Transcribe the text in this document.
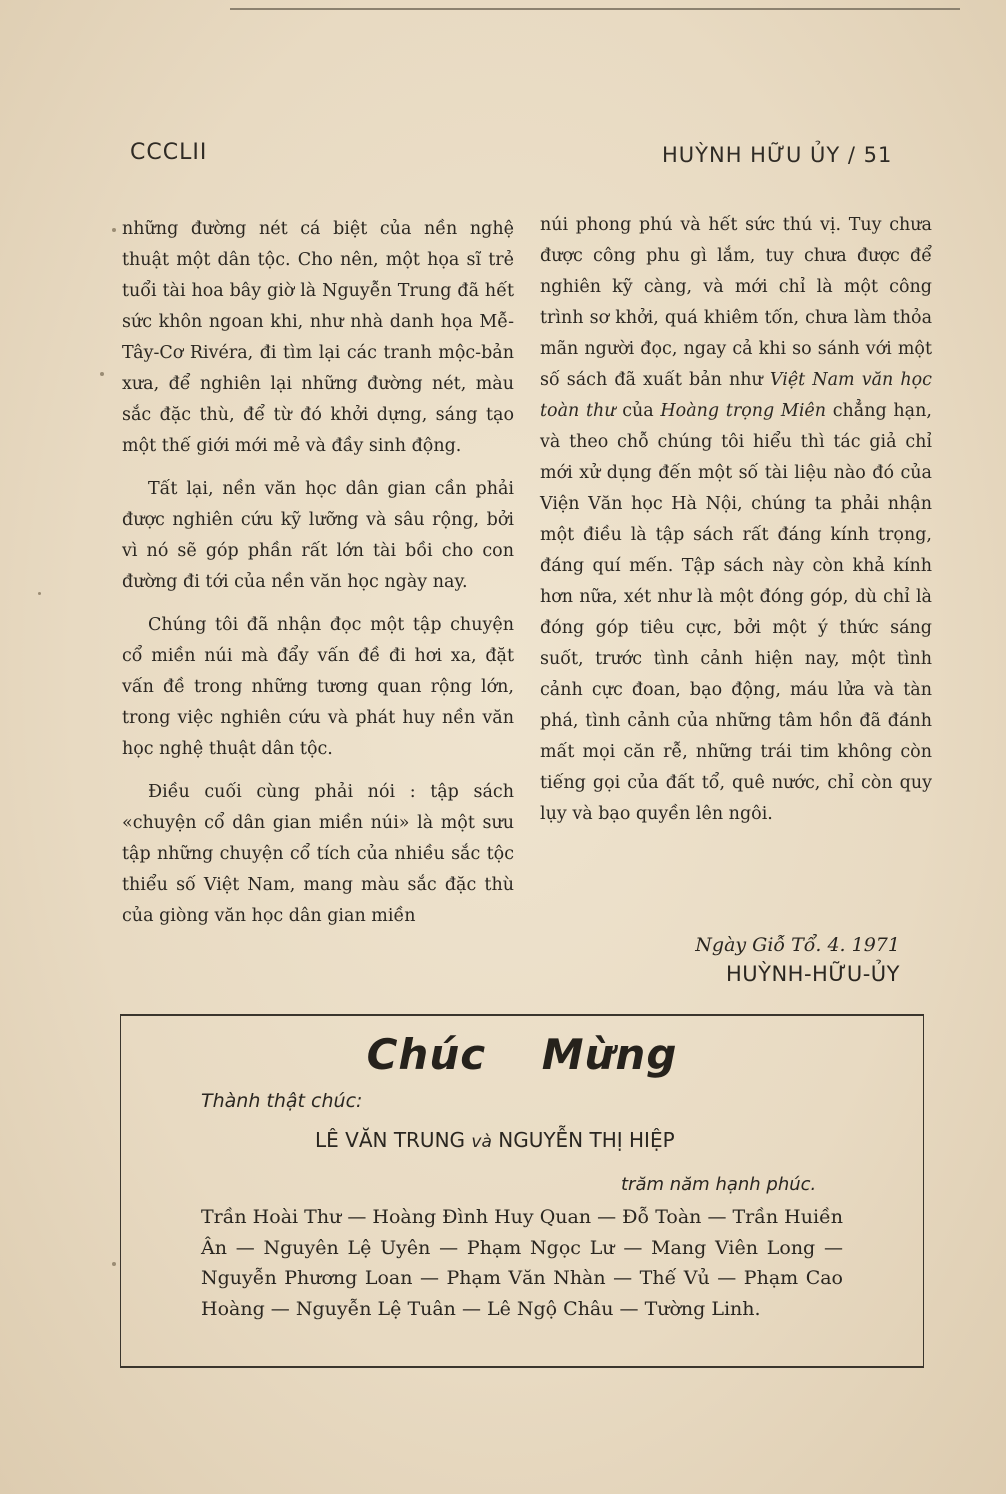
CCCLII	HUỲNH HỮU ỦY / 51

những đường nét cá biệt của nền nghệ thuật một dân tộc. Cho nên, một họa sĩ trẻ tuổi tài hoa bây giờ là Nguyễn Trung đã hết sức khôn ngoan khi, như nhà danh họa Mễ-Tây-Cơ Rivéra, đi tìm lại các tranh mộc-bản xưa, để nghiên lại những đường nét, màu sắc đặc thù, để từ đó khởi dựng, sáng tạo một thế giới mới mẻ và đầy sinh động.

Tất lại, nền văn học dân gian cần phải được nghiên cứu kỹ lưỡng và sâu rộng, bởi vì nó sẽ góp phần rất lớn tài bồi cho con đường đi tới của nền văn học ngày nay.

Chúng tôi đã nhận đọc một tập chuyện cổ miền núi mà đẩy vấn đề đi hơi xa, đặt vấn đề trong những tương quan rộng lớn, trong việc nghiên cứu và phát huy nền văn học nghệ thuật dân tộc.

Điều cuối cùng phải nói : tập sách «chuyện cổ dân gian miền núi» là một sưu tập những chuyện cổ tích của nhiều sắc tộc thiểu số Việt Nam, mang màu sắc đặc thù của giòng văn học dân gian miền

núi phong phú và hết sức thú vị. Tuy chưa được công phu gì lắm, tuy chưa được để nghiên kỹ càng, và mới chỉ là một công trình sơ khởi, quá khiêm tốn, chưa làm thỏa mãn người đọc, ngay cả khi so sánh với một số sách đã xuất bản như Việt Nam văn học toàn thư của Hoàng trọng Miên chẳng hạn, và theo chỗ chúng tôi hiểu thì tác giả chỉ mới xử dụng đến một số tài liệu nào đó của Viện Văn học Hà Nội, chúng ta phải nhận một điều là tập sách rất đáng kính trọng, đáng quí mến. Tập sách này còn khả kính hơn nữa, xét như là một đóng góp, dù chỉ là đóng góp tiêu cực, bởi một ý thức sáng suốt, trước tình cảnh hiện nay, một tình cảnh cực đoan, bạo động, máu lửa và tàn phá, tình cảnh của những tâm hồn đã đánh mất mọi căn rễ, những trái tim không còn tiếng gọi của đất tổ, quê nước, chỉ còn quy lụy và bạo quyền lên ngôi.

Ngày Giỗ Tổ. 4. 1971
HUỲNH-HỮU-ỦY
Chúc Mừng
Thành thật chúc:
LÊ VĂN TRUNG và NGUYỄN THỊ HIỆP
trăm năm hạnh phúc.
Trần Hoài Thư — Hoàng Đình Huy Quan — Đỗ Toàn — Trần Huiền Ân — Nguyên Lệ Uyên — Phạm Ngọc Lư — Mang Viên Long — Nguyễn Phương Loan — Phạm Văn Nhàn — Thế Vủ — Phạm Cao Hoàng — Nguyễn Lệ Tuân — Lê Ngộ Châu — Tường Linh.
